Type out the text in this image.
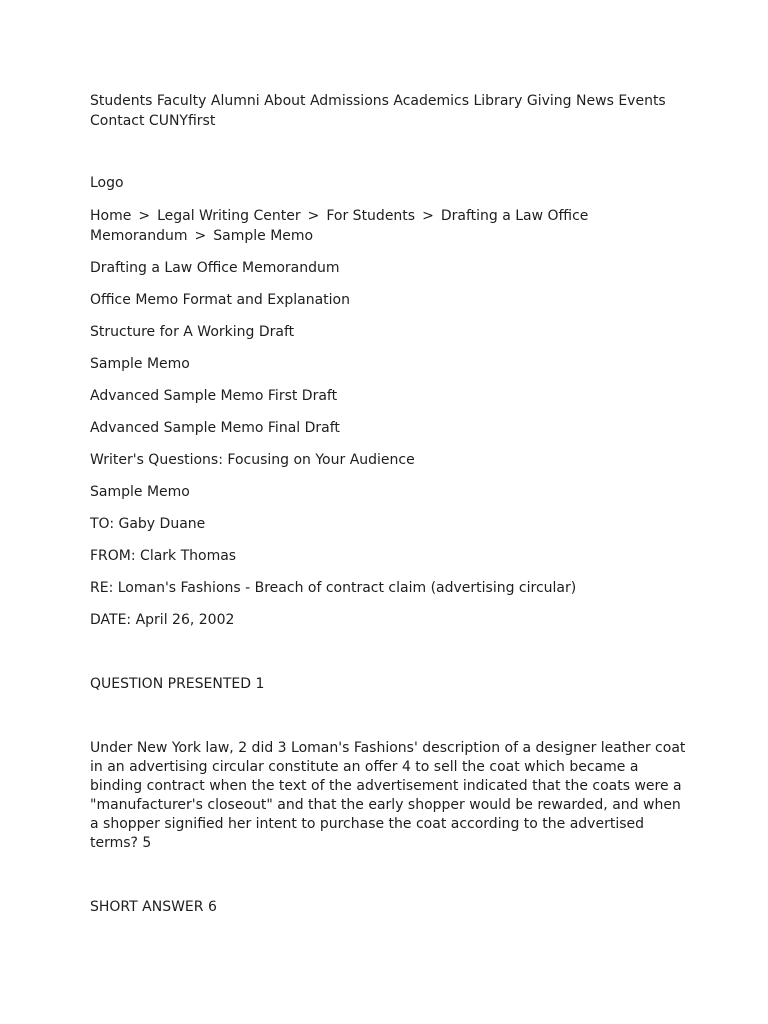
Students Faculty Alumni About Admissions Academics Library Giving News Events Contact CUNYfirst

Logo

Home > Legal Writing Center > For Students > Drafting a Law Office Memorandum > Sample Memo

Drafting a Law Office Memorandum

Office Memo Format and Explanation

Structure for A Working Draft

Sample Memo

Advanced Sample Memo First Draft

Advanced Sample Memo Final Draft

Writer's Questions: Focusing on Your Audience

Sample Memo

TO: Gaby Duane

FROM: Clark Thomas

RE: Loman's Fashions - Breach of contract claim (advertising circular)

DATE: April 26, 2002

QUESTION PRESENTED 1

Under New York law, 2 did 3 Loman's Fashions' description of a designer leather coat in an advertising circular constitute an offer 4 to sell the coat which became a binding contract when the text of the advertisement indicated that the coats were a "manufacturer's closeout" and that the early shopper would be rewarded, and when a shopper signified her intent to purchase the coat according to the advertised terms? 5

SHORT ANSWER 6
